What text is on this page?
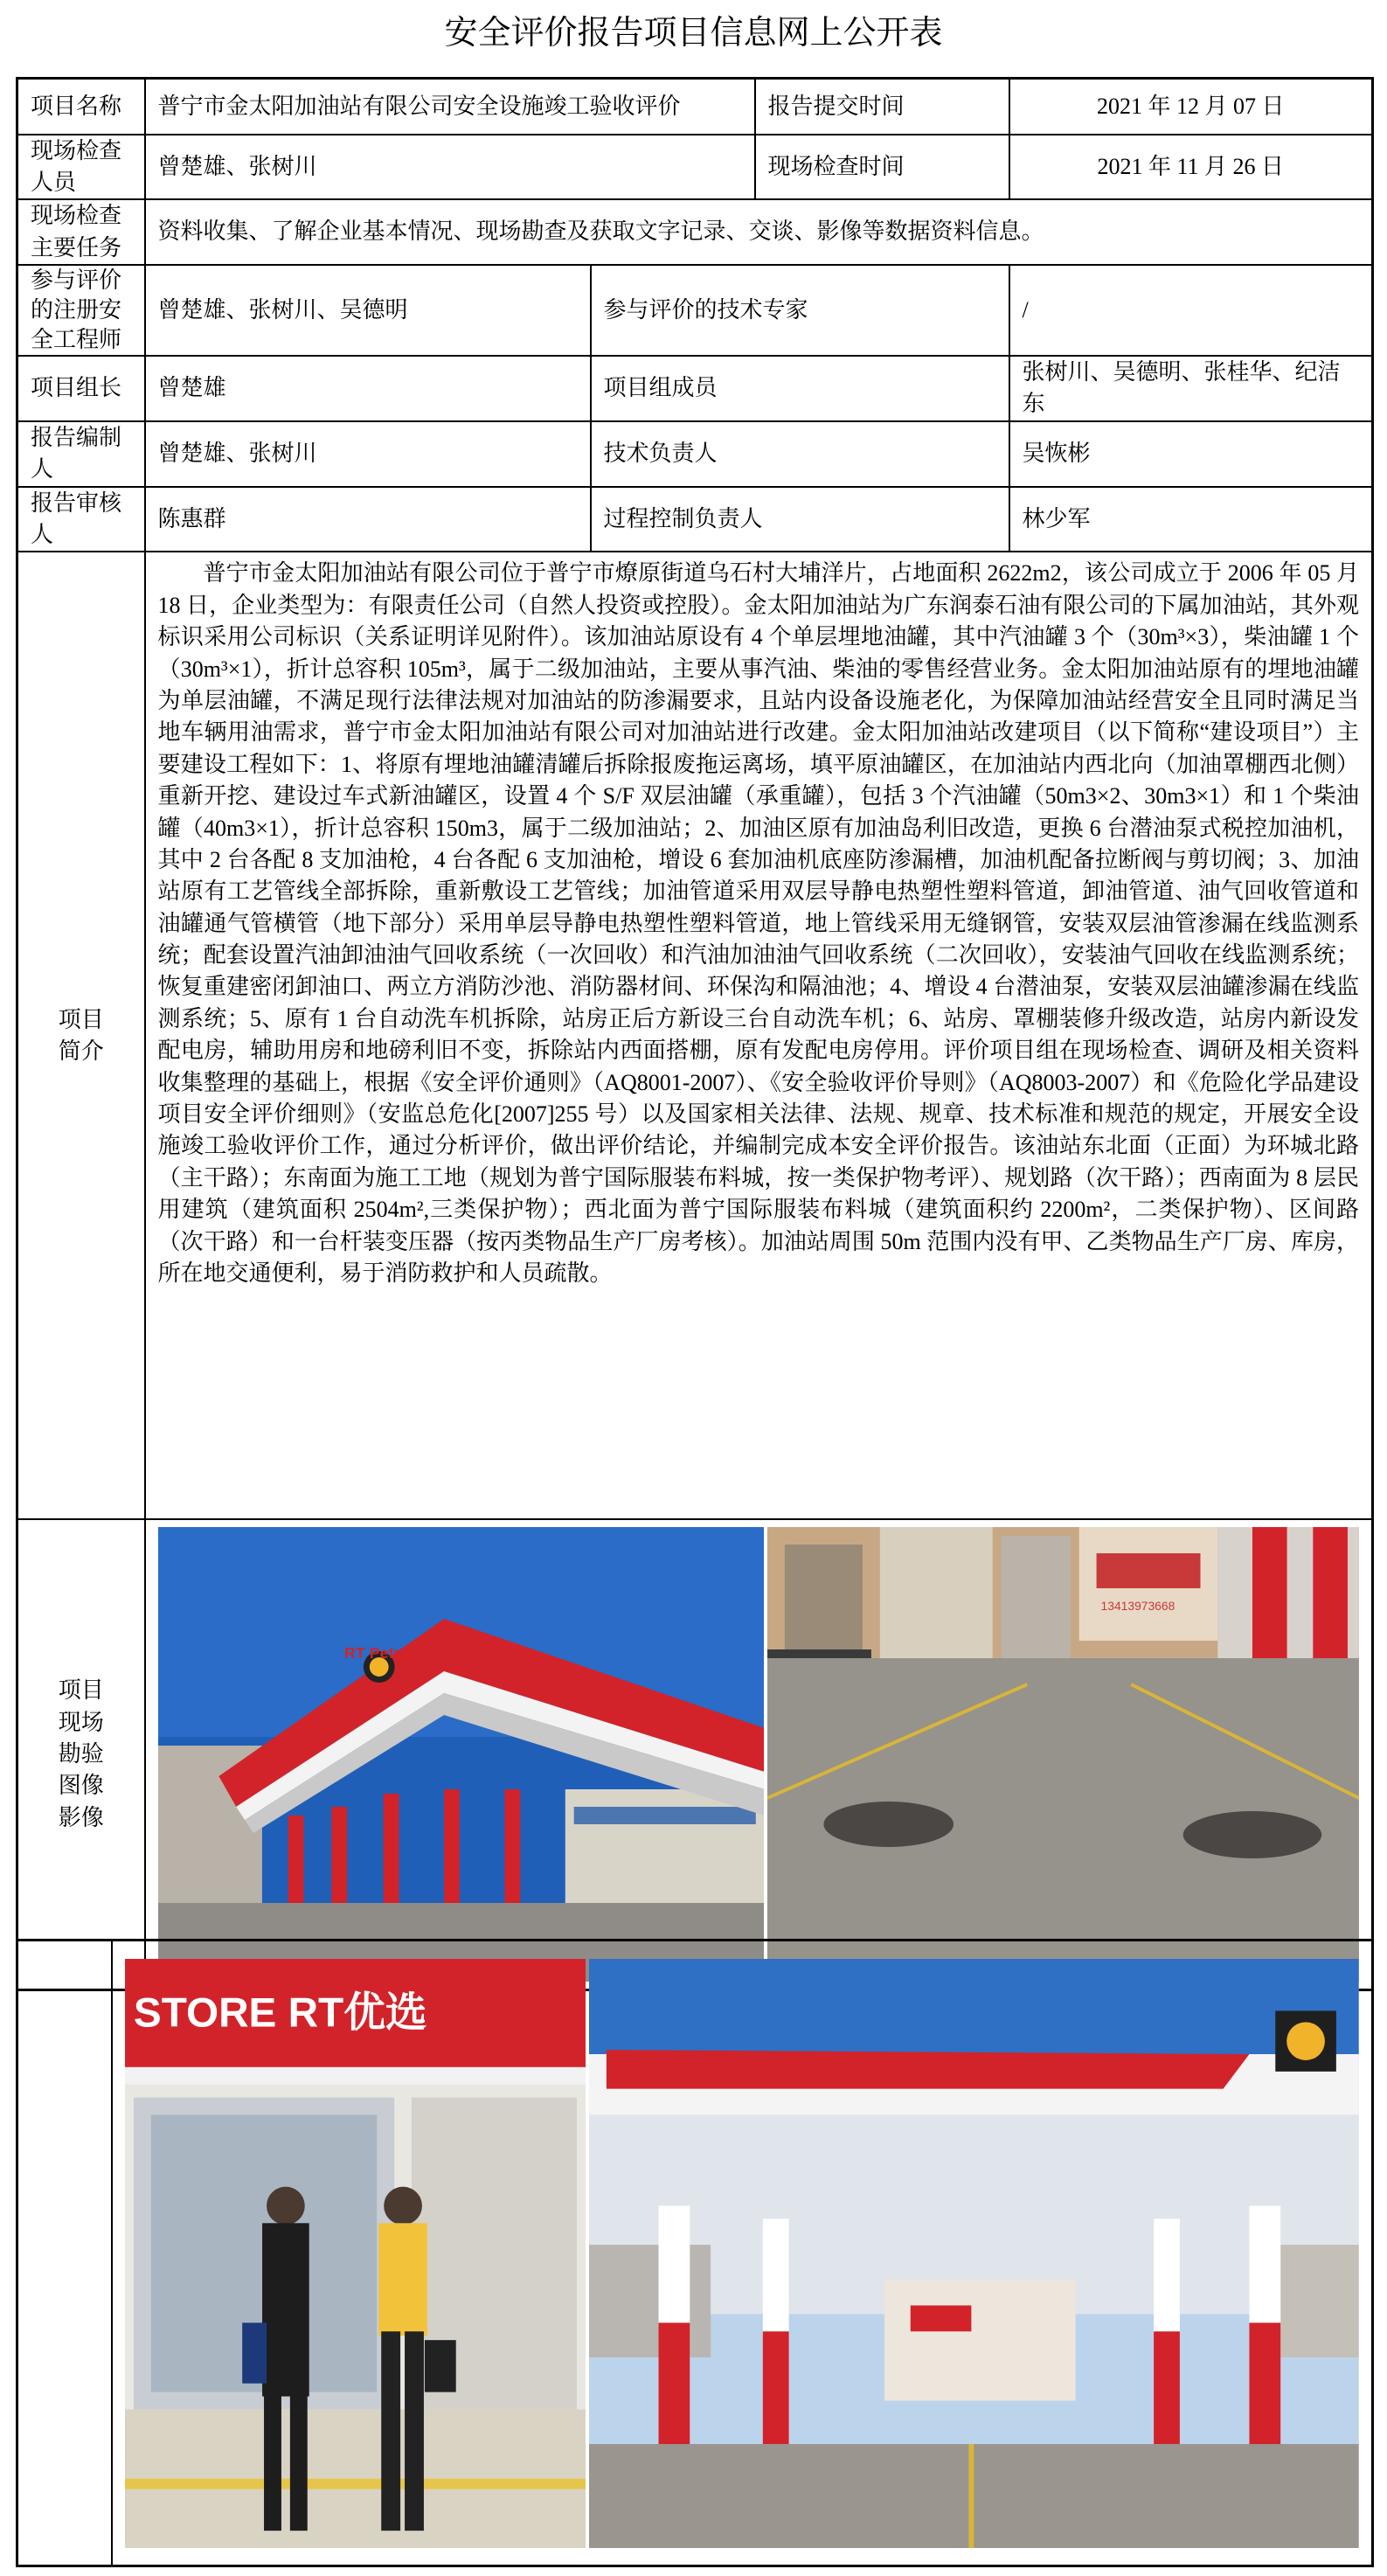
安全评价报告项目信息网上公开表
项目名称	普宁市金太阳加油站有限公司安全设施竣工验收评价		报告提交时间	2021 年 12 月 07 日
现场检查人员	曾楚雄、张树川		现场检查时间	2021 年 11 月 26 日
现场检查主要任务	资料收集、了解企业基本情况、现场勘查及获取文字记录、交谈、影像等数据资料信息。			
参与评价的注册安全工程师	曾楚雄、张树川、吴德明	参与评价的技术专家		/
项目组长	曾楚雄	项目组成员		张树川、吴德明、张桂华、纪洁东
报告编制人	曾楚雄、张树川	技术负责人		吴恢彬
报告审核人	陈惠群	过程控制负责人		林少军

项目简介	普宁市金太阳加油站有限公司位于普宁市燎原街道乌石村大埔洋片，占地面积 2622m2，该公司成立于 2006 年 05 月 18 日，企业类型为：有限责任公司（自然人投资或控股）。金太阳加油站为广东润泰石油有限公司的下属加油站，其外观标识采用公司标识（关系证明详见附件）。该加油站原设有 4 个单层埋地油罐，其中汽油罐 3 个（30m³×3），柴油罐 1 个（30m³×1），折计总容积 105m³，属于二级加油站，主要从事汽油、柴油的零售经营业务。金太阳加油站原有的埋地油罐为单层油罐，不满足现行法律法规对加油站的防渗漏要求，且站内设备设施老化，为保障加油站经营安全且同时满足当地车辆用油需求，普宁市金太阳加油站有限公司对加油站进行改建。金太阳加油站改建项目（以下简称“建设项目”）主要建设工程如下：1、将原有埋地油罐清罐后拆除报废拖运离场，填平原油罐区，在加油站内西北向（加油罩棚西北侧）重新开挖、建设过车式新油罐区，设置 4 个 S/F 双层油罐（承重罐），包括 3 个汽油罐（50m3×2、30m3×1）和 1 个柴油罐（40m3×1），折计总容积 150m3，属于二级加油站；2、加油区原有加油岛利旧改造，更换 6 台潜油泵式税控加油机，其中 2 台各配 8 支加油枪，4 台各配 6 支加油枪，增设 6 套加油机底座防渗漏槽，加油机配备拉断阀与剪切阀；3、加油站原有工艺管线全部拆除，重新敷设工艺管线；加油管道采用双层导静电热塑性塑料管道，卸油管道、油气回收管道和油罐通气管横管（地下部分）采用单层导静电热塑性塑料管道，地上管线采用无缝钢管，安装双层油管渗漏在线监测系统；配套设置汽油卸油油气回收系统（一次回收）和汽油加油油气回收系统（二次回收），安装油气回收在线监测系统；恢复重建密闭卸油口、两立方消防沙池、消防器材间、环保沟和隔油池；4、增设 4 台潜油泵，安装双层油罐渗漏在线监测系统；5、原有 1 台自动洗车机拆除，站房正后方新设三台自动洗车机；6、站房、罩棚装修升级改造，站房内新设发配电房，辅助用房和地磅利旧不变，拆除站内西面搭棚，原有发配电房停用。评价项目组在现场检查、调研及相关资料收集整理的基础上，根据《安全评价通则》（AQ8001-2007）、《安全验收评价导则》（AQ8003-2007）和《危险化学品建设项目安全评价细则》（安监总危化[2007]255 号）以及国家相关法律、法规、规章、技术标准和规范的规定，开展安全设施竣工验收评价工作，通过分析评价，做出评价结论，并编制完成本安全评价报告。该油站东北面（正面）为环城北路（主干路）；东南面为施工工地（规划为普宁国际服装布料城，按一类保护物考评）、规划路（次干路）；西南面为 8 层民用建筑（建筑面积 2504m²,三类保护物）；西北面为普宁国际服装布料城（建筑面积约 2200m²，二类保护物）、区间路（次干路）和一台杆装变压器（按丙类物品生产厂房考核）。加油站周围 50m 范围内没有甲、乙类物品生产厂房、库房，所在地交通便利，易于消防救护和人员疏散。			

项目现场勘验图像影像	RT Petro
13413973668			

STORE RT优选
